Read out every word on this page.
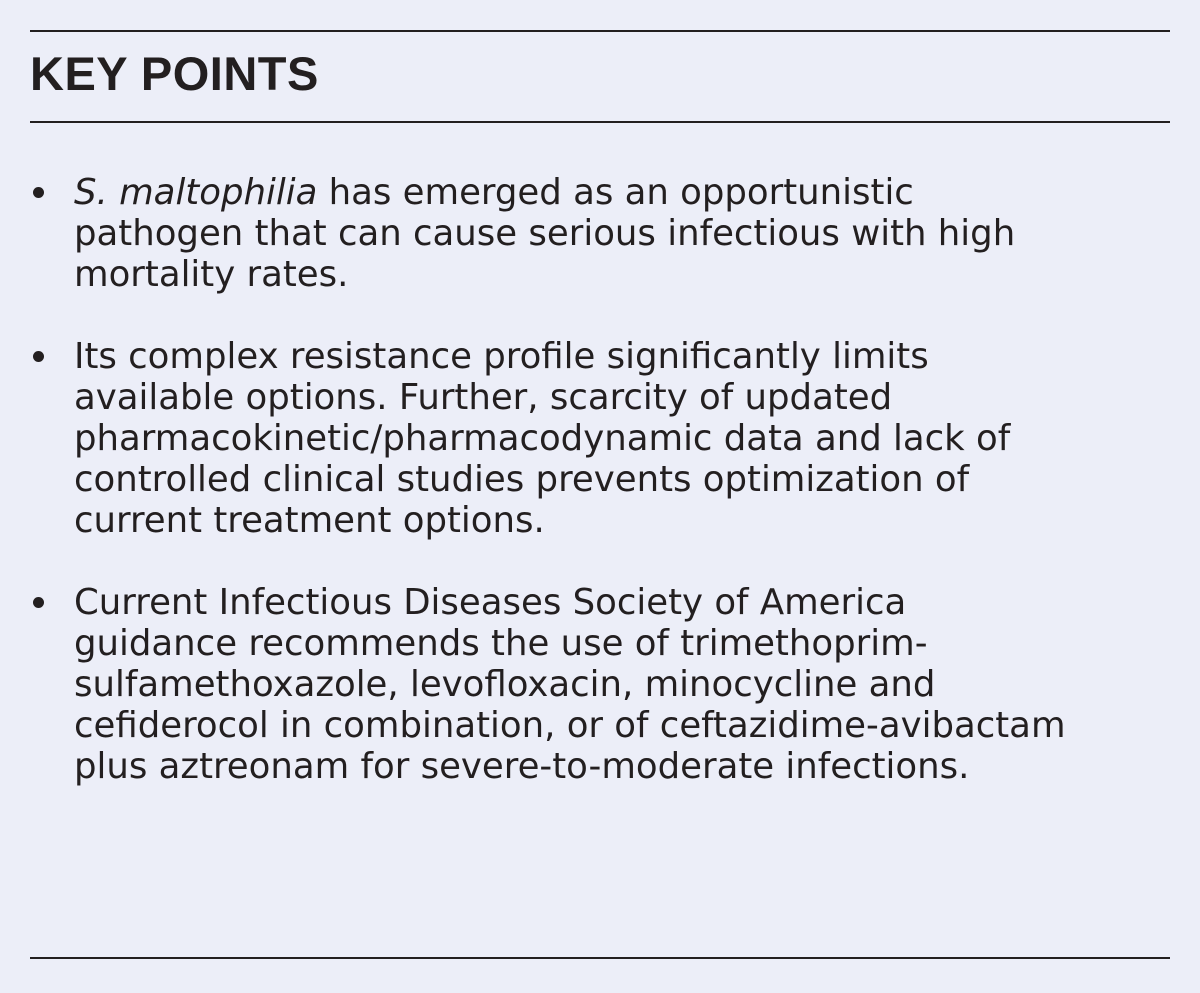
KEY POINTS
S. maltophilia has emerged as an opportunistic
pathogen that can cause serious infectious with high
mortality rates.
Its complex resistance profile significantly limits
available options. Further, scarcity of updated
pharmacokinetic/pharmacodynamic data and lack of
controlled clinical studies prevents optimization of
current treatment options.
Current Infectious Diseases Society of America
guidance recommends the use of trimethoprim-
sulfamethoxazole, levofloxacin, minocycline and
cefiderocol in combination, or of ceftazidime-avibactam
plus aztreonam for severe-to-moderate infections.
